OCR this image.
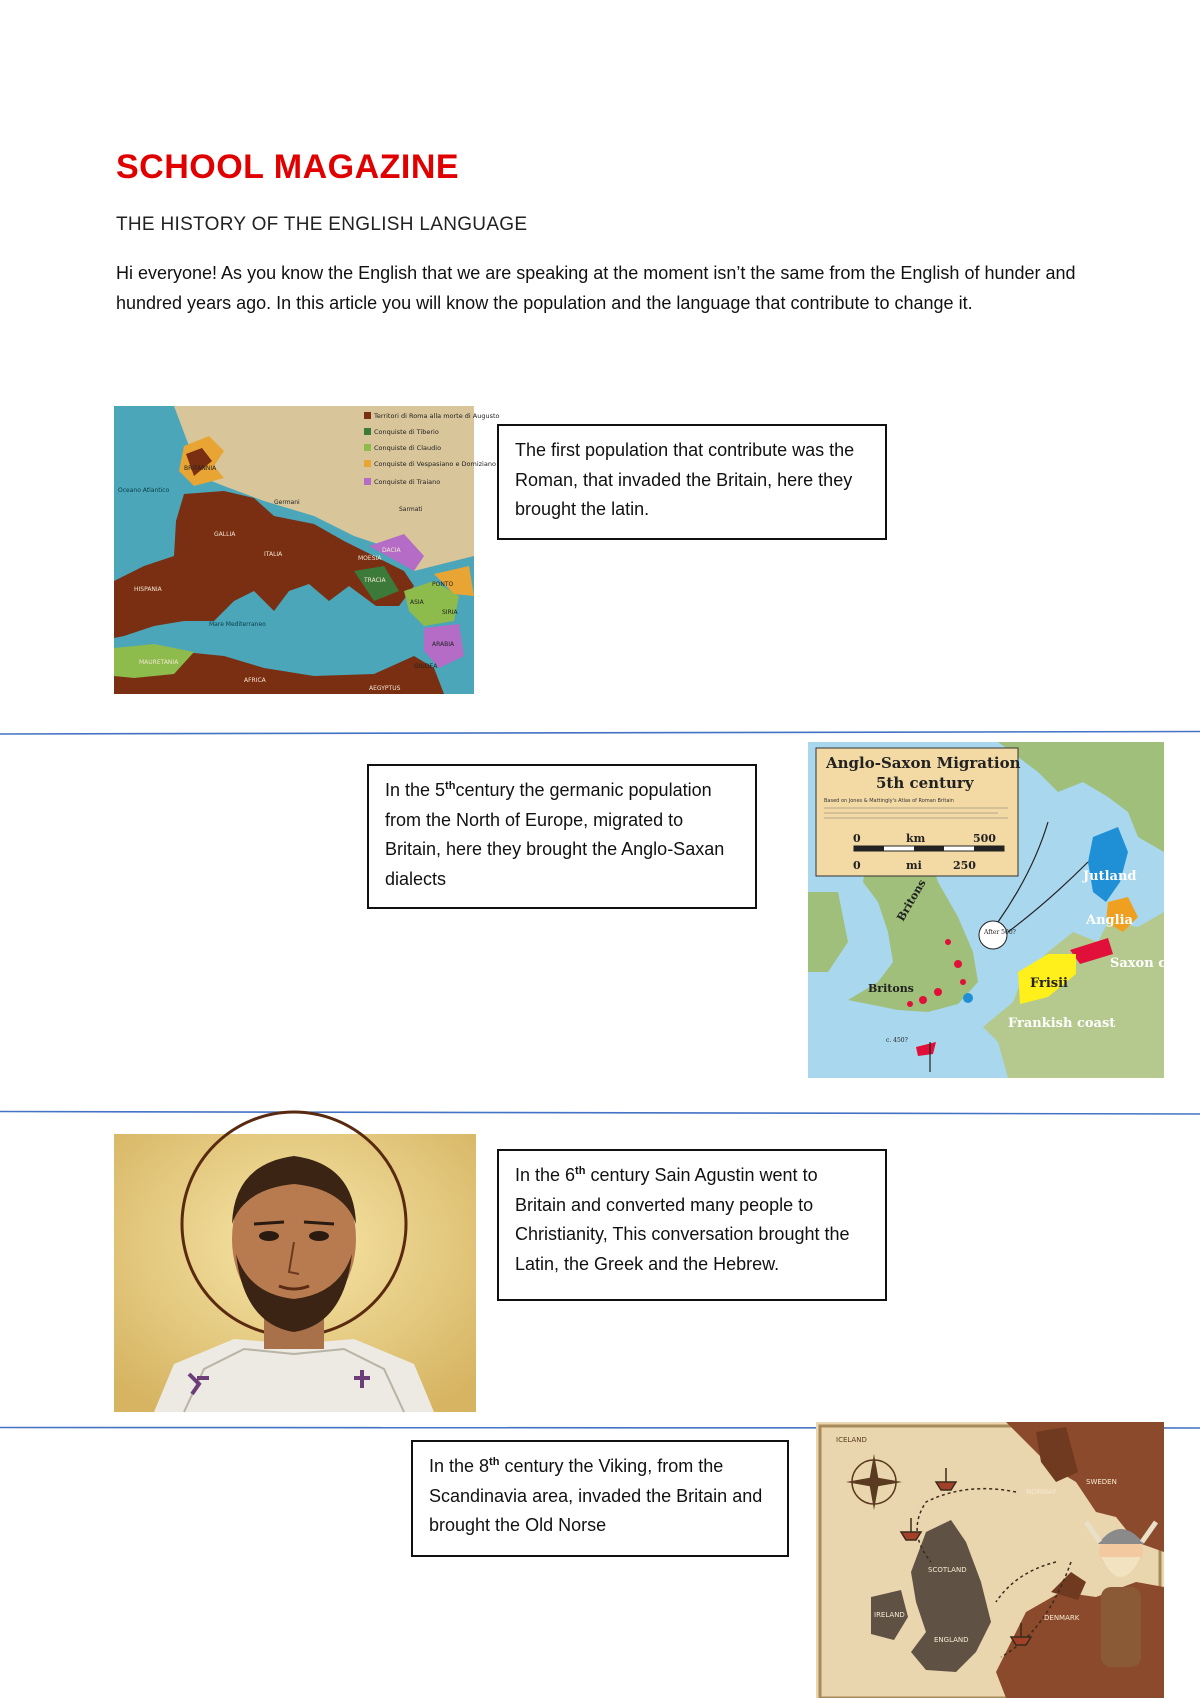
SCHOOL MAGAZINE
THE HISTORY OF THE ENGLISH LANGUAGE

Hi everyone! As you know the English that we are speaking at the moment isn’t the same from the English of hunder and hundred years ago. In this article you will know the population and the language that contribute to change it.

Territori di Roma alla morte di Augusto
Conquiste di Tiberio
Conquiste di Claudio
Conquiste di Vespasiano e Domiziano
Conquiste di Traiano
BRITANNIA
GALLIA
HISPANIA
ITALIA
DACIA
MAURETANIA
AFRICA
AEGYPTUS
Mare Mediterraneo
Oceano Atlantico
Germani
Sarmati
PONTO
SIRIA
ARABIA
GIUDEA
MOESIA
TRACIA
ASIA
The first population that contribute was the Roman, that invaded the Britain, here they brought the latin.
In the 5thcentury the germanic population from the North of Europe, migrated to Britain, here they brought the Anglo-Saxan dialects
Anglo-Saxon Migration
5th century
Based on Jones & Mattingly's Atlas of Roman Britain
0	km	500
0	mi	250
After 500?
c. 450?
Jutland
Anglia
Saxon coast
Frisii
Frankish coast
Britons
Britons
In the 6th century Sain Agustin went to Britain and converted many people to Christianity, This conversation brought the Latin, the Greek and the Hebrew.
In the 8th century the Viking, from the Scandinavia area, invaded the Britain and brought the Old Norse
SWEDEN
NORWAY
DENMARK
ICELAND
IRELAND
SCOTLAND
ENGLAND
